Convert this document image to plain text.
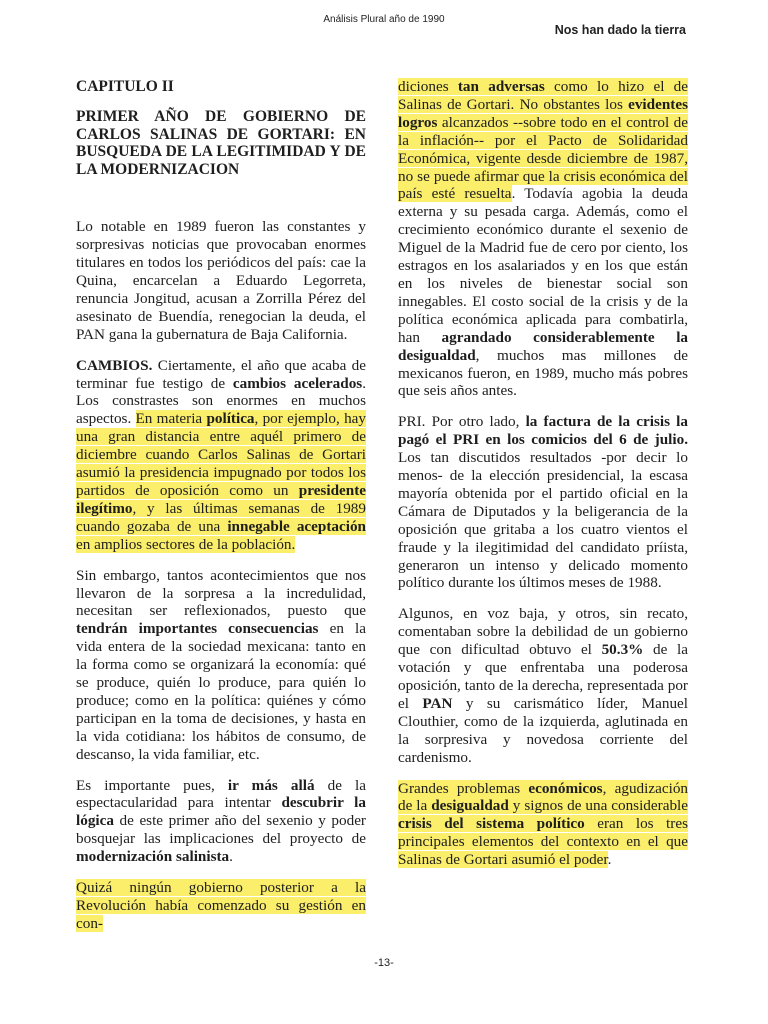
Análisis Plural año de 1990
Nos han dado la tierra
CAPITULO II
PRIMER AÑO DE GOBIERNO DE CARLOS SALINAS DE GORTARI: EN BUSQUEDA DE LA LEGITIMIDAD Y DE LA MODERNIZACION

Lo notable en 1989 fueron las constantes y sorpresivas noticias que provocaban enormes titulares en todos los periódicos del país: cae la Quina, encarcelan a Eduardo Legorreta, renuncia Jongitud, acusan a Zorrilla Pérez del asesinato de Buendía, renegocian la deuda, el PAN gana la gubernatura de Baja California.

CAMBIOS. Ciertamente, el año que acaba de terminar fue testigo de cambios acelerados. Los constrastes son enormes en muchos aspectos. En materia política, por ejemplo, hay una gran distancia entre aquél primero de diciembre cuando Carlos Salinas de Gortari asumió la presidencia impugnado por todos los partidos de oposición como un presidente ilegítimo, y las últimas semanas de 1989 cuando gozaba de una innegable aceptación en amplios sectores de la población.

Sin embargo, tantos acontecimientos que nos llevaron de la sorpresa a la incredulidad, necesitan ser reflexionados, puesto que tendrán importantes consecuencias en la vida entera de la sociedad mexicana: tanto en la forma como se organizará la economía: qué se produce, quién lo produce, para quién lo produce; como en la política: quiénes y cómo participan en la toma de decisiones, y hasta en la vida cotidiana: los hábitos de consumo, de descanso, la vida familiar, etc.

Es importante pues, ir más allá de la espectacularidad para intentar descubrir la lógica de este primer año del sexenio y poder bosquejar las implicaciones del proyecto de modernización salinista.

Quizá ningún gobierno posterior a la Revolución había comenzado su gestión en con-

diciones tan adversas como lo hizo el de Salinas de Gortari. No obstantes los evidentes logros alcanzados --sobre todo en el control de la inflación-- por el Pacto de Solidaridad Económica, vigente desde diciembre de 1987, no se puede afirmar que la crisis económica del país esté resuelta. Todavía agobia la deuda externa y su pesada carga. Además, como el crecimiento económico durante el sexenio de Miguel de la Madrid fue de cero por ciento, los estragos en los asalariados y en los que están en los niveles de bienestar social son innegables. El costo social de la crisis y de la política económica aplicada para combatirla, han agrandado considerablemente la desigualdad, muchos mas millones de mexicanos fueron, en 1989, mucho más pobres que seis años antes.

PRI. Por otro lado, la factura de la crisis la pagó el PRI en los comicios del 6 de julio. Los tan discutidos resultados -por decir lo menos- de la elección presidencial, la escasa mayoría obtenida por el partido oficial en la Cámara de Diputados y la beligerancia de la oposición que gritaba a los cuatro vientos el fraude y la ilegitimidad del candidato príista, generaron un intenso y delicado momento político durante los últimos meses de 1988.

Algunos, en voz baja, y otros, sin recato, comentaban sobre la debilidad de un gobierno que con dificultad obtuvo el 50.3% de la votación y que enfrentaba una poderosa oposición, tanto de la derecha, representada por el PAN y su carismático líder, Manuel Clouthier, como de la izquierda, aglutinada en la sorpresiva y novedosa corriente del cardenismo.

Grandes problemas económicos, agudización de la desigualdad y signos de una considerable crisis del sistema político eran los tres principales elementos del contexto en el que Salinas de Gortari asumió el poder.

-13-
